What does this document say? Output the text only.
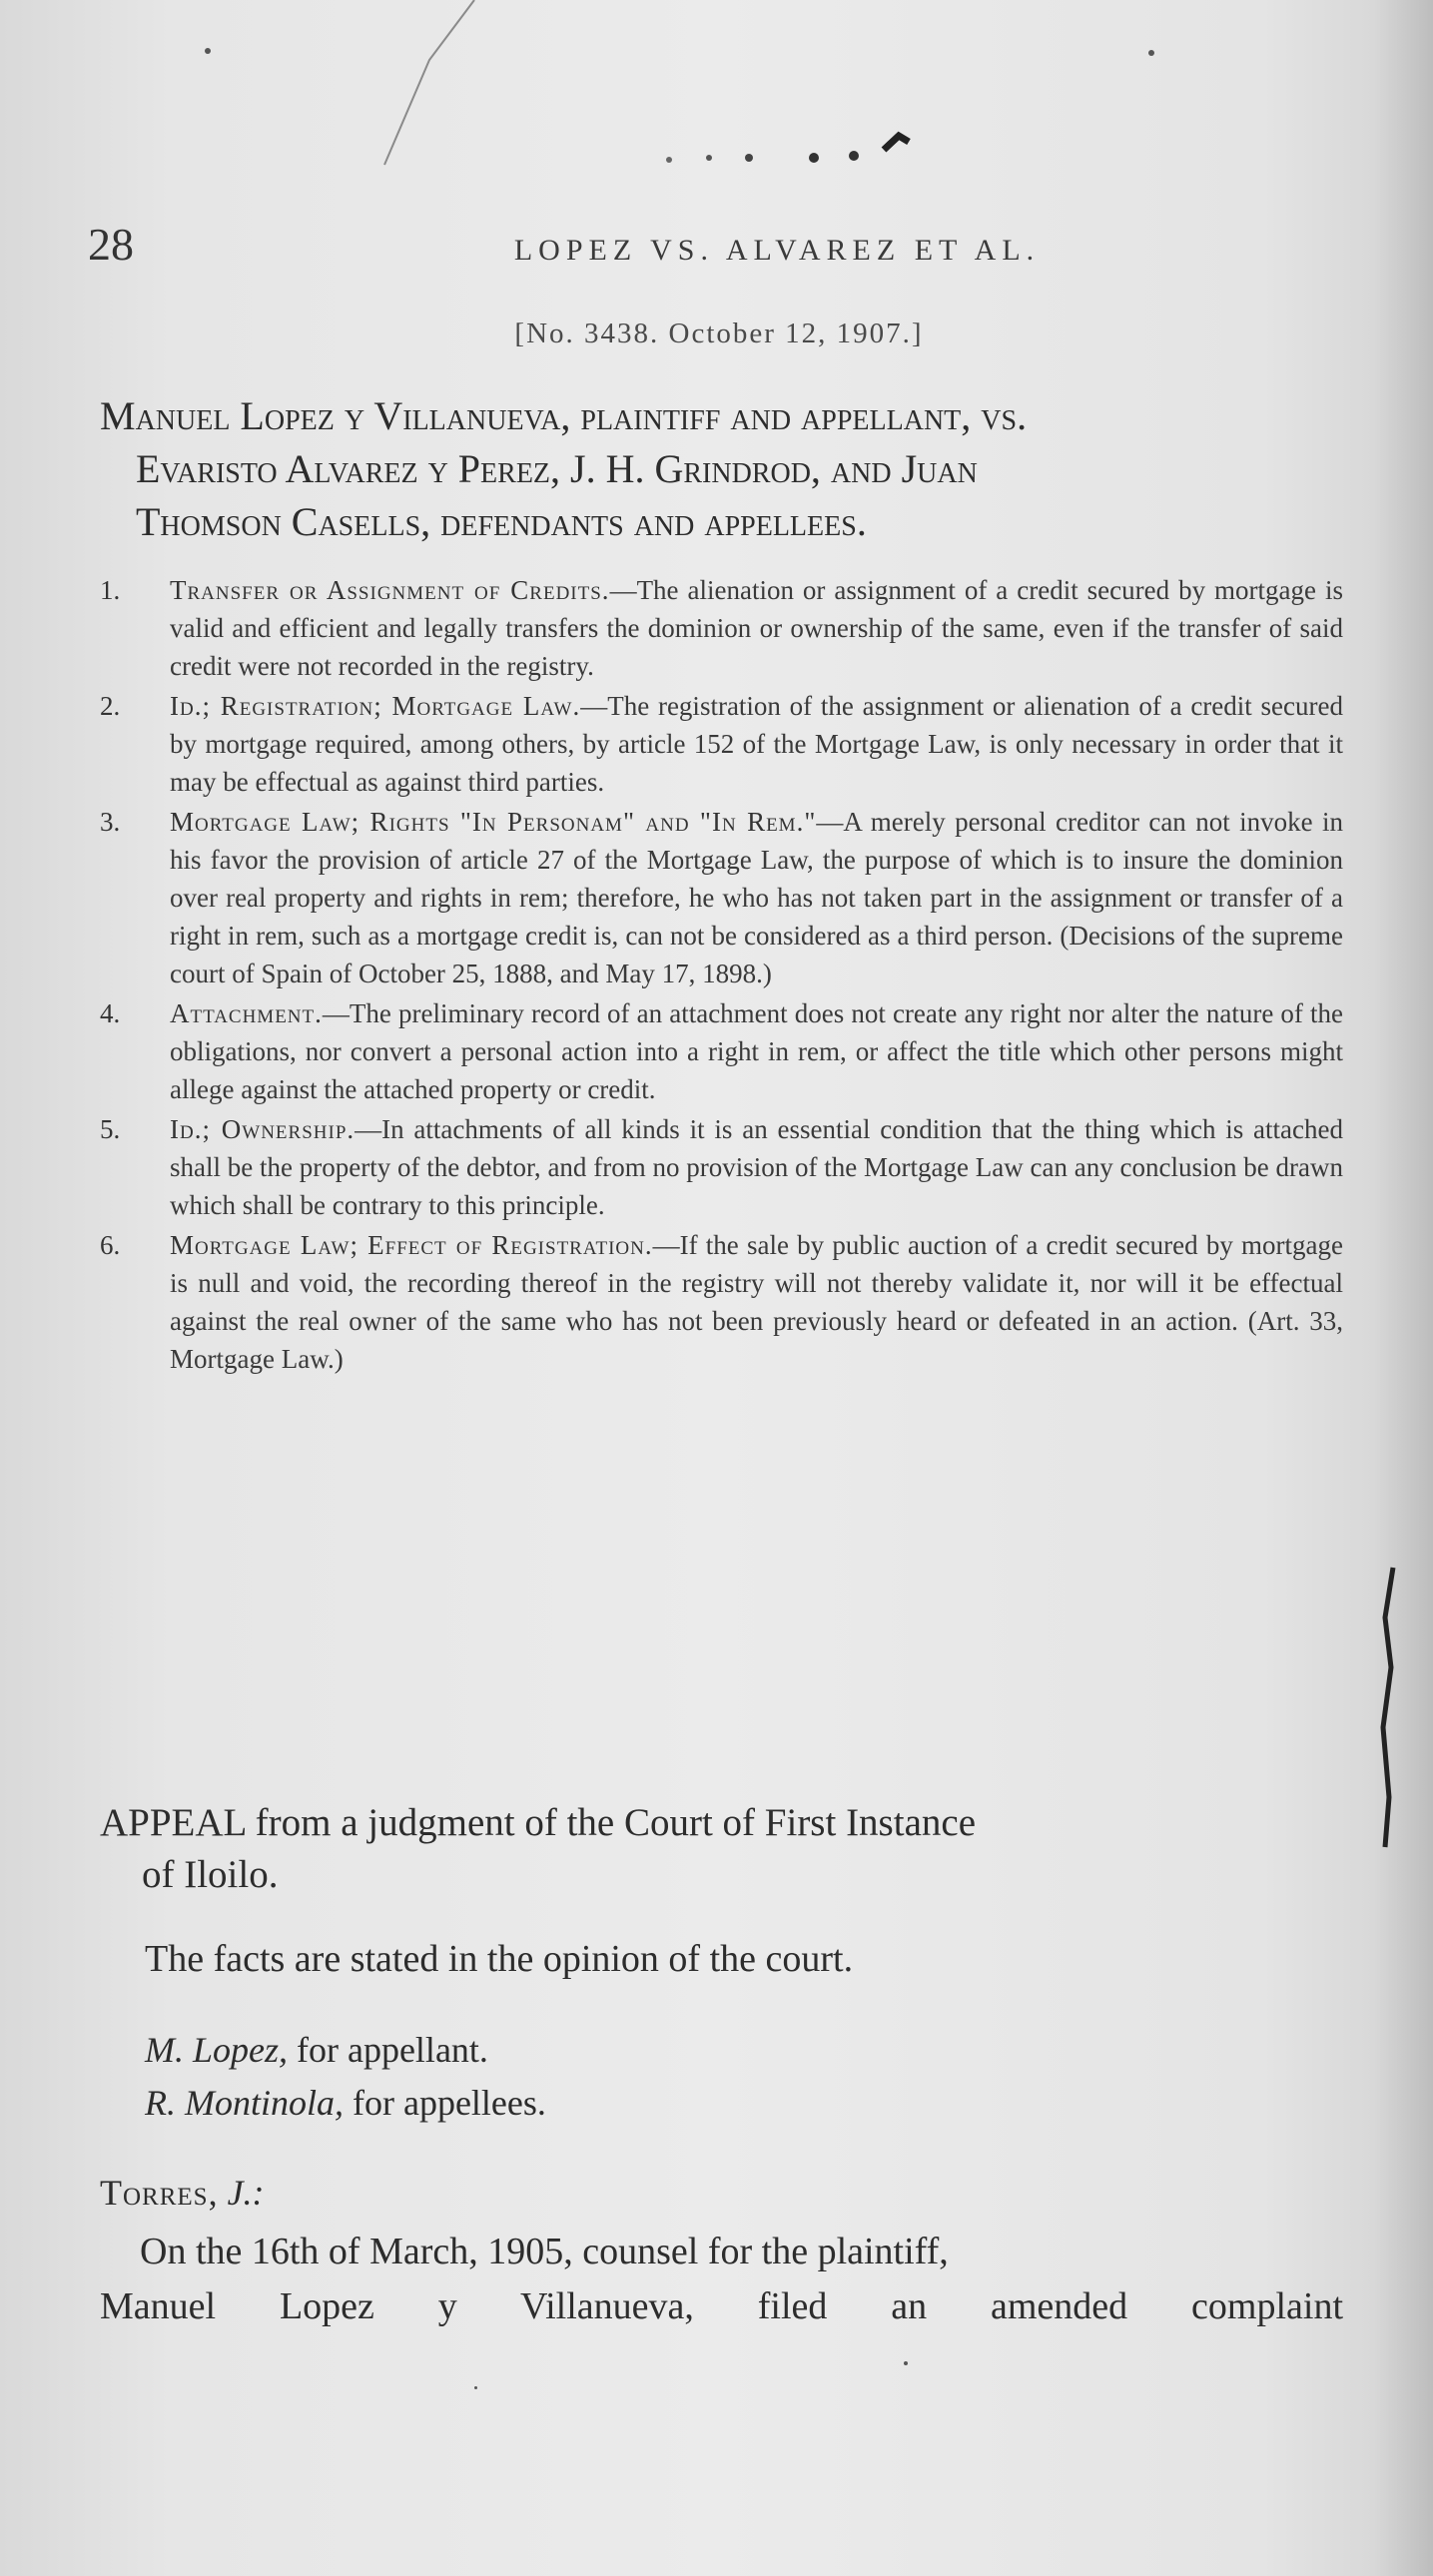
28	LOPEZ VS. ALVAREZ ET AL.
[No. 3438. October 12, 1907.]
Manuel Lopez y Villanueva, plaintiff and appellant, vs.
Evaristo Alvarez y Perez, J. H. Grindrod, and Juan
Thomson Casells, defendants and appellees.
1.	Transfer or Assignment of Credits.—The alienation or assignment of a credit secured by mortgage is valid and efficient and legally transfers the dominion or ownership of the same, even if the transfer of said credit were not recorded in the registry.
2.	Id.; Registration; Mortgage Law.—The registration of the assignment or alienation of a credit secured by mortgage required, among others, by article 152 of the Mortgage Law, is only necessary in order that it may be effectual as against third parties.
3.	Mortgage Law; Rights "In Personam" and "In Rem."—A merely personal creditor can not invoke in his favor the provision of article 27 of the Mortgage Law, the purpose of which is to insure the dominion over real property and rights in rem; therefore, he who has not taken part in the assignment or transfer of a right in rem, such as a mortgage credit is, can not be considered as a third person. (Decisions of the supreme court of Spain of October 25, 1888, and May 17, 1898.)
4.	Attachment.—The preliminary record of an attachment does not create any right nor alter the nature of the obligations, nor convert a personal action into a right in rem, or affect the title which other persons might allege against the attached property or credit.
5.	Id.; Ownership.—In attachments of all kinds it is an essential condition that the thing which is attached shall be the property of the debtor, and from no provision of the Mortgage Law can any conclusion be drawn which shall be contrary to this principle.
6.	Mortgage Law; Effect of Registration.—If the sale by public auction of a credit secured by mortgage is null and void, the recording thereof in the registry will not thereby validate it, nor will it be effectual against the real owner of the same who has not been previously heard or defeated in an action. (Art. 33, Mortgage Law.)
APPEAL from a judgment of the Court of First Instance
of Iloilo.
The facts are stated in the opinion of the court.
M. Lopez, for appellant.
R. Montinola, for appellees.
Torres, J.:
On the 16th of March, 1905, counsel for the plaintiff,
Manuel Lopez y Villanueva, filed an amended complaint
